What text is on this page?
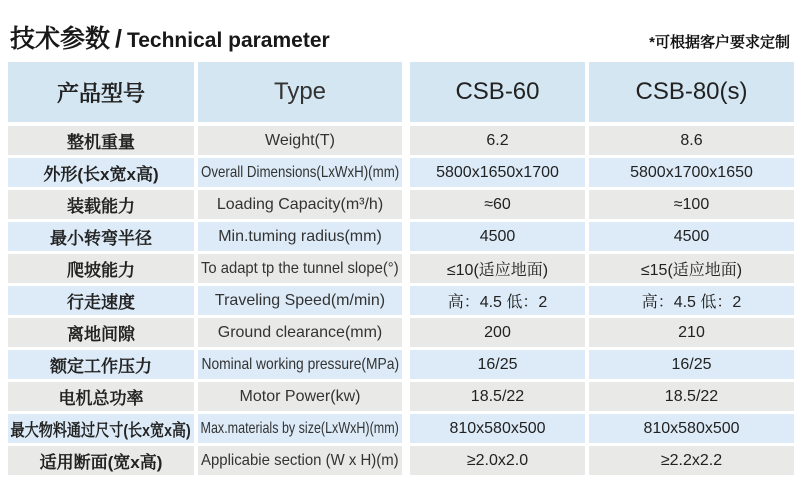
技术参数 / Technical parameter	*可根据客户要求定制
产品型号	Type	CSB-60	CSB-80(s)
整机重量	Weight(T)	6.2	8.6
外形(长x宽x高)	Overall Dimensions(LxWxH)(mm) 5800x1650x1700	5800x1700x1650
装载能力	Loading Capacity(m³/h)	≈60	≈100
最小转弯半径	Min.tuming radius(mm)	4500	4500
爬坡能力	To adapt tp the tunnel slope(°)	≤10(适应地面)	≤15(适应地面)
行走速度	Traveling Speed(m/min)	高：4.5 低：2	高：4.5 低：2
离地间隙	Ground clearance(mm)	200	210
额定工作压力	Nominal working pressure(MPa)	16/25	16/25
电机总功率	Motor Power(kw)	18.5/22	18.5/22
最大物料通过尺寸(长x宽x高) Max.materials by size(LxWxH)(mm)	810x580x500	810x580x500
适用断面(宽x高) Applicabie section (W x H)(m)	≥2.0x2.0	≥2.2x2.2
